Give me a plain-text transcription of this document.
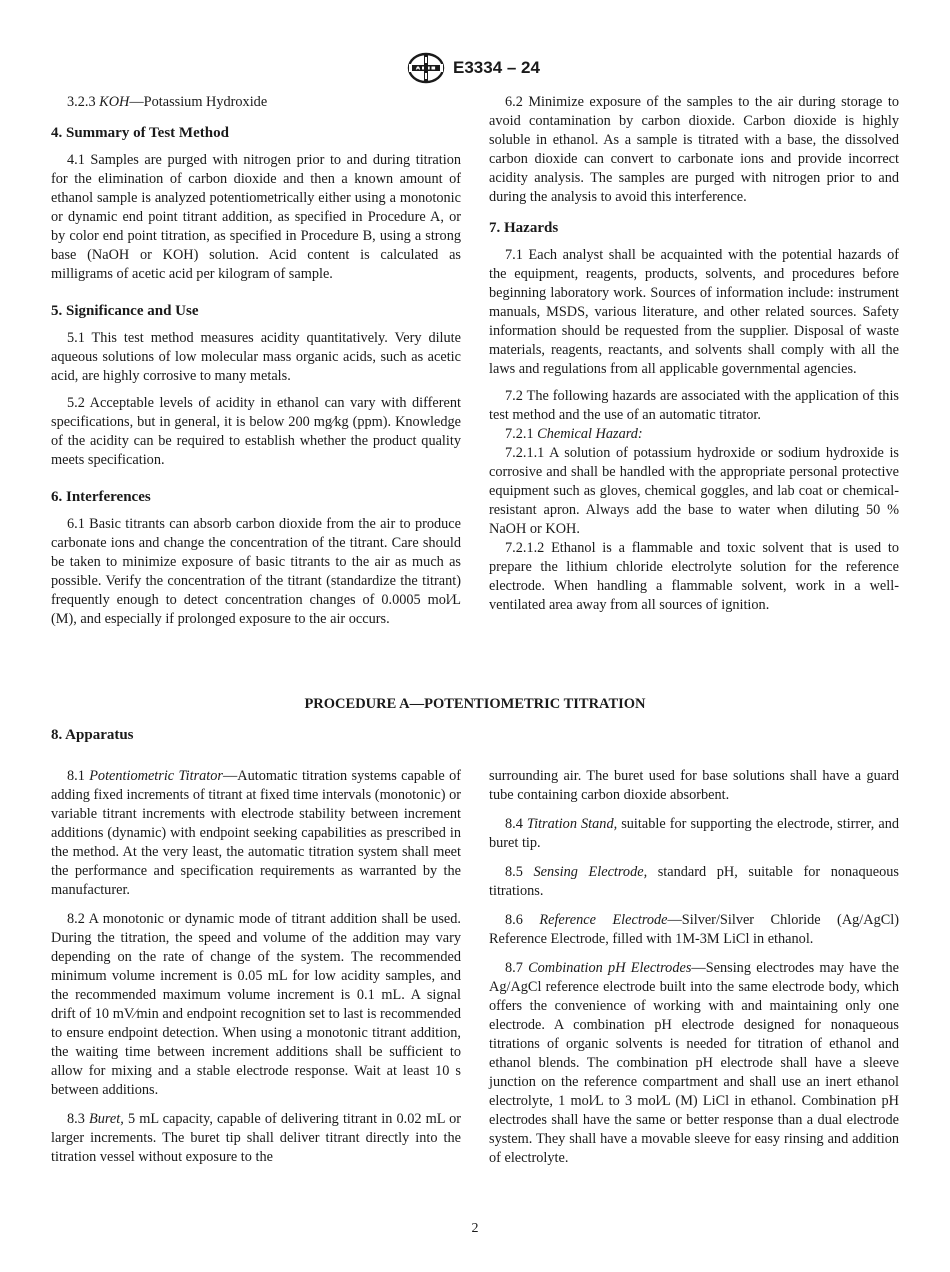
E3334 – 24

3.2.3 KOH—Potassium Hydroxide

4. Summary of Test Method

4.1 Samples are purged with nitrogen prior to and during titration for the elimination of carbon dioxide and then a known amount of ethanol sample is analyzed potentiometrically either using a monotonic or dynamic end point titrant addition, as specified in Procedure A, or by color end point titration, as specified in Procedure B, using a strong base (NaOH or KOH) solution. Acid content is calculated as milligrams of acetic acid per kilogram of sample.

5. Significance and Use

5.1 This test method measures acidity quantitatively. Very dilute aqueous solutions of low molecular mass organic acids, such as acetic acid, are highly corrosive to many metals.

5.2 Acceptable levels of acidity in ethanol can vary with different specifications, but in general, it is below 200 mg⁄kg (ppm). Knowledge of the acidity can be required to establish whether the product quality meets specification.

6. Interferences

6.1 Basic titrants can absorb carbon dioxide from the air to produce carbonate ions and change the concentration of the titrant. Care should be taken to minimize exposure of basic titrants to the air as much as possible. Verify the concentration of the titrant (standardize the titrant) frequently enough to detect concentration changes of 0.0005 mol⁄L (M), and especially if prolonged exposure to the air occurs.

6.2 Minimize exposure of the samples to the air during storage to avoid contamination by carbon dioxide. Carbon dioxide is highly soluble in ethanol. As a sample is titrated with a base, the dissolved carbon dioxide can convert to carbonate ions and provide incorrect acidity analysis. The samples are purged with nitrogen prior to and during the analysis to avoid this interference.

7. Hazards

7.1 Each analyst shall be acquainted with the potential hazards of the equipment, reagents, products, solvents, and procedures before beginning laboratory work. Sources of information include: instrument manuals, MSDS, various literature, and other related sources. Safety information should be requested from the supplier. Disposal of waste materials, reagents, reactants, and solvents shall comply with all the laws and regulations from all applicable governmental agencies.

7.2 The following hazards are associated with the application of this test method and the use of an automatic titrator.

7.2.1 Chemical Hazard:

7.2.1.1 A solution of potassium hydroxide or sodium hydroxide is corrosive and shall be handled with the appropriate personal protective equipment such as gloves, chemical goggles, and lab coat or chemical-resistant apron. Always add the base to water when diluting 50 % NaOH or KOH.

7.2.1.2 Ethanol is a flammable and toxic solvent that is used to prepare the lithium chloride electrolyte solution for the reference electrode. When handling a flammable solvent, work in a well-ventilated area away from all sources of ignition.

PROCEDURE A—POTENTIOMETRIC TITRATION
8. Apparatus

8.1 Potentiometric Titrator—Automatic titration systems capable of adding fixed increments of titrant at fixed time intervals (monotonic) or variable titrant increments with electrode stability between increment additions (dynamic) with endpoint seeking capabilities as prescribed in the method. At the very least, the automatic titration system shall meet the performance and specification requirements as warranted by the manufacturer.

8.2 A monotonic or dynamic mode of titrant addition shall be used. During the titration, the speed and volume of the addition may vary depending on the rate of change of the system. The recommended minimum volume increment is 0.05 mL for low acidity samples, and the recommended maximum volume increment is 0.1 mL. A signal drift of 10 mV⁄min and endpoint recognition set to last is recommended to ensure endpoint detection. When using a monotonic titrant addition, the waiting time between increment additions shall be sufficient to allow for mixing and a stable electrode response. Wait at least 10 s between additions.

8.3 Buret, 5 mL capacity, capable of delivering titrant in 0.02 mL or larger increments. The buret tip shall deliver titrant directly into the titration vessel without exposure to the

surrounding air. The buret used for base solutions shall have a guard tube containing carbon dioxide absorbent.

8.4 Titration Stand, suitable for supporting the electrode, stirrer, and buret tip.

8.5 Sensing Electrode, standard pH, suitable for nonaqueous titrations.

8.6 Reference Electrode—Silver/Silver Chloride (Ag/AgCl) Reference Electrode, filled with 1M-3M LiCl in ethanol.

8.7 Combination pH Electrodes—Sensing electrodes may have the Ag/AgCl reference electrode built into the same electrode body, which offers the convenience of working with and maintaining only one electrode. A combination pH electrode designed for nonaqueous titrations of organic solvents is needed for titration of ethanol and ethanol blends. The combination pH electrode shall have a sleeve junction on the reference compartment and shall use an inert ethanol electrolyte, 1 mol⁄L to 3 mol⁄L (M) LiCl in ethanol. Combination pH electrodes shall have the same or better response than a dual electrode system. They shall have a movable sleeve for easy rinsing and addition of electrolyte.

2
